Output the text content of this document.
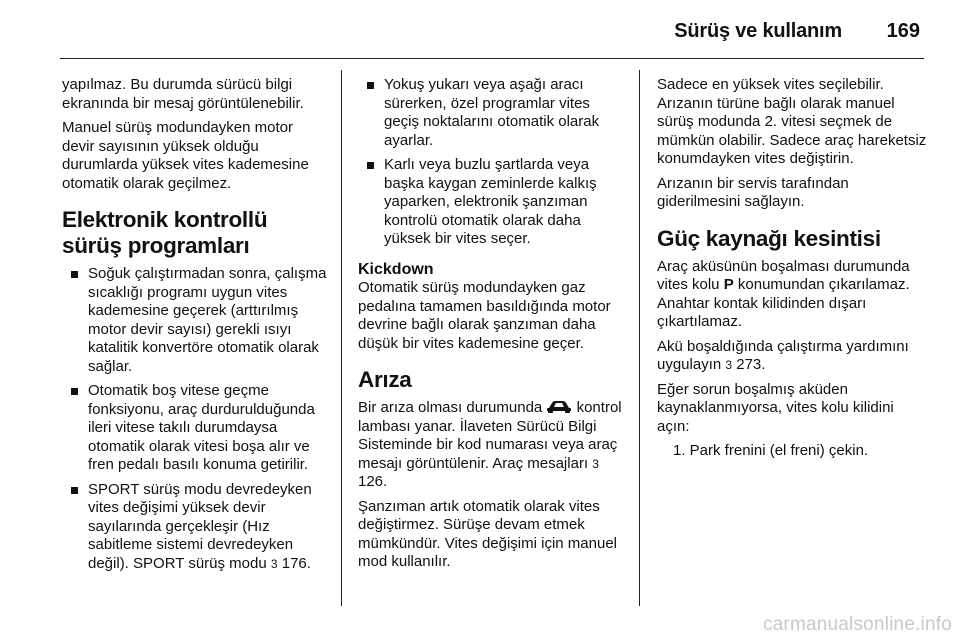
Sürüş ve kullanım 169

yapılmaz. Bu durumda sürücü bilgi ekranında bir mesaj görüntülenebilir.

Manuel sürüş modundayken motor devir sayısının yüksek olduğu durumlarda yüksek vites kademesine otomatik olarak geçilmez.

Elektronik kontrollü sürüş programları
Soğuk çalıştırmadan sonra, çalışma sıcaklığı programı uygun vites kademesine geçerek (arttırılmış motor devir sayısı) gerekli ısıyı katalitik konvertöre otomatik olarak sağlar.
Otomatik boş vitese geçme fonksiyonu, araç durdurulduğunda ileri vitese takılı durumdaysa otomatik olarak vitesi boşa alır ve fren pedalı basılı konuma getirilir.
SPORT sürüş modu devredeyken vites değişimi yüksek devir sayılarında gerçekleşir (Hız sabitleme sistemi devredeyken değil). SPORT sürüş modu 3 176.
Yokuş yukarı veya aşağı aracı sürerken, özel programlar vites geçiş noktalarını otomatik olarak ayarlar.
Karlı veya buzlu şartlarda veya başka kaygan zeminlerde kalkış yaparken, elektronik şanzıman kontrolü otomatik olarak daha yüksek bir vites seçer.
Kickdown

Otomatik sürüş modundayken gaz pedalına tamamen basıldığında motor devrine bağlı olarak şanzıman daha düşük bir vites kademesine geçer.

Arıza

Bir arıza olması durumunda kontrol lambası yanar. İlaveten Sürücü Bilgi Sisteminde bir kod numarası veya araç mesajı görüntülenir. Araç mesajları 3 126.

Şanzıman artık otomatik olarak vites değiştirmez. Sürüşe devam etmek mümkündür. Vites değişimi için manuel mod kullanılır.

Sadece en yüksek vites seçilebilir. Arızanın türüne bağlı olarak manuel sürüş modunda 2. vitesi seçmek de mümkün olabilir. Sadece araç hareketsiz konumdayken vites değiştirin.

Arızanın bir servis tarafından giderilmesini sağlayın.

Güç kaynağı kesintisi

Araç aküsünün boşalması durumunda vites kolu P konumundan çıkarılamaz. Anahtar kontak kilidinden dışarı çıkartılamaz.

Akü boşaldığında çalıştırma yardımını uygulayın 3 273.

Eğer sorun boşalmış aküden kaynaklanmıyorsa, vites kolu kilidini açın:

1. Park frenini (el freni) çekin.
carmanualsonline.info
